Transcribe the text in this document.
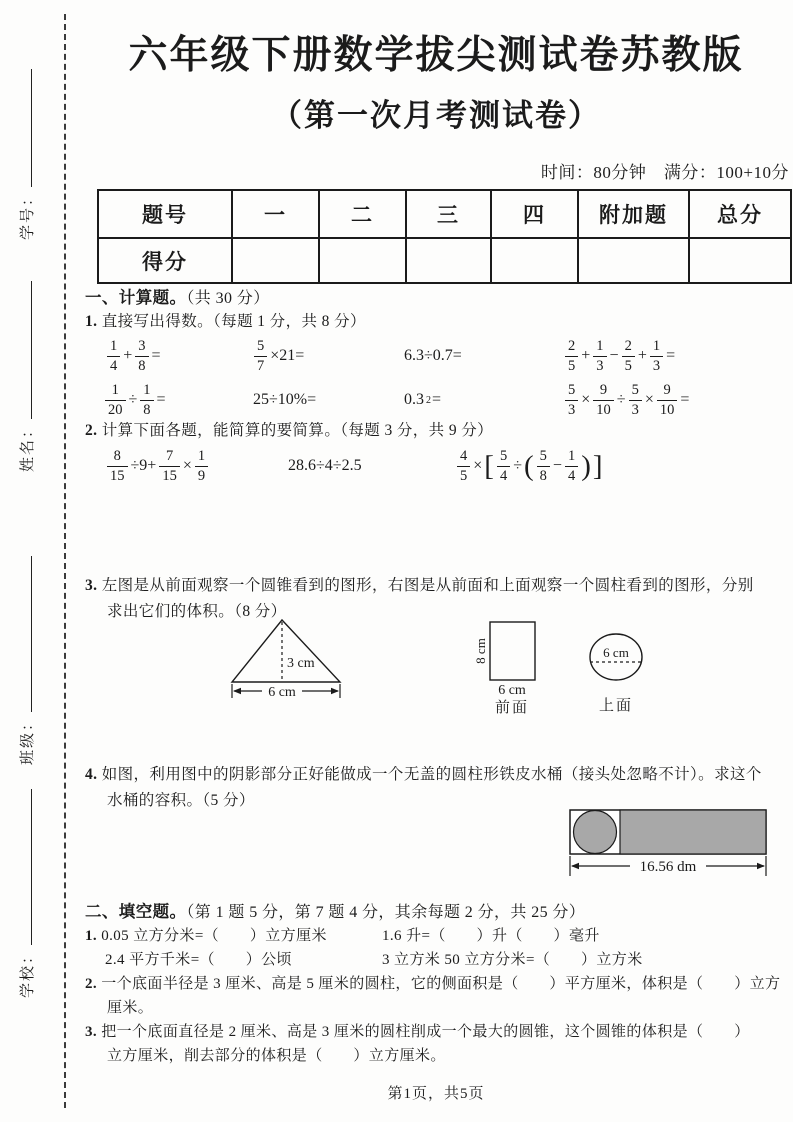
学号：
姓名：
班级：
学校：
六年级下册数学拔尖测试卷苏教版
（第一次月考测试卷）
时间：80分钟　满分：100+10分
题号	一	二	三	四	附加题	总分
得分						
一、计算题。（共 30 分）
1. 直接写出得数。（每题 1 分，共 8 分）
$\frac{1}{4} + \frac{3}{8}$ =	$\frac{5}{7} \times 21=$	6.3÷0.7=	$\frac{2}{5} + \frac{1}{3} - \frac{2}{5} + \frac{1}{3}$ =
$\frac{1}{20} \div \frac{1}{8}$ =	25÷10%=	0.3 2 =	$\frac{5}{3} \times \frac{9}{10} \div \frac{5}{3} \times \frac{9}{10}$ =
2. 计算下面各题，能简算的要简算。（每题 3 分，共 9 分）
$\frac{8}{15} \div 9+ \frac{7}{15} \times \frac{1}{9}$	28.6÷4÷2.5	$\frac{4}{5}$ × [ $\frac{5}{4}$ ÷ ( $\frac{5}{8} - \frac{1}{4}$ ) ]
3. 左图是从前面观察一个圆锥看到的图形，右图是从前面和上面观察一个圆柱看到的图形，分别
求出它们的体积。（8 分）
3 cm
6 cm
8 cm
6 cm
前面
6 cm
上面
4. 如图，利用图中的阴影部分正好能做成一个无盖的圆柱形铁皮水桶（接头处忽略不计）。求这个
水桶的容积。（5 分）
16.56 dm
二、填空题。（第 1 题 5 分，第 7 题 4 分，其余每题 2 分，共 25 分）
1. 0.05 立方分米=（　　）立方厘米	1.6 升=（　　）升（　　）毫升
2.4 平方千米=（　　）公顷	3 立方米 50 立方分米=（　　）立方米
2. 一个底面半径是 3 厘米、高是 5 厘米的圆柱，它的侧面积是（　　）平方厘米，体积是（　　）立方
厘米。
3. 把一个底面直径是 2 厘米、高是 3 厘米的圆柱削成一个最大的圆锥，这个圆锥的体积是（　　）
立方厘米，削去部分的体积是（　　）立方厘米。
第1页，共5页
